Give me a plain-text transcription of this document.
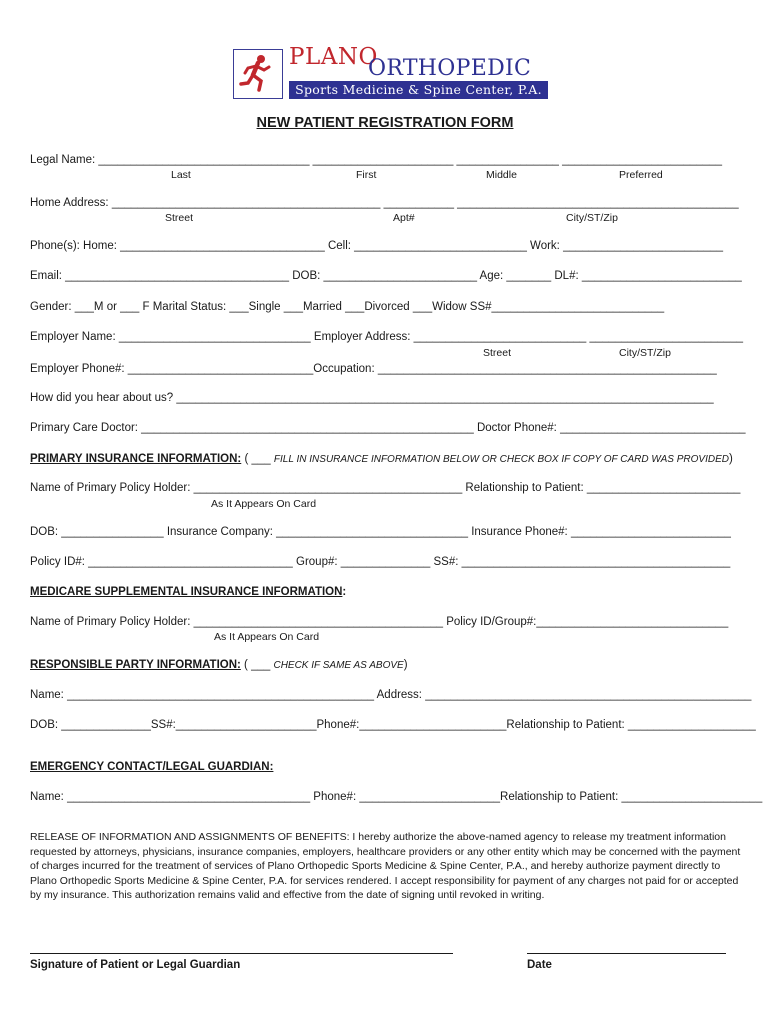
PLANO
ORTHOPEDIC
Sports Medicine & Spine Center, P.A.
NEW PATIENT REGISTRATION FORM
Legal Name: _________________________________ ______________________ ________________ _________________________
Last	First	Middle	Preferred
Home Address: __________________________________________ ___________ ____________________________________________
Street	Apt#	City/ST/Zip
Phone(s): Home: ________________________________ Cell: ___________________________ Work: _________________________
Email: ___________________________________ DOB: ________________________ Age: _______ DL#: _________________________
Gender: ___M or ___ F Marital Status: ___Single ___Married ___Divorced ___Widow SS#___________________________
Employer Name: ______________________________ Employer Address: ___________________________ ________________________
Street	City/ST/Zip
Employer Phone#: _____________________________Occupation: _____________________________________________________
How did you hear about us? ____________________________________________________________________________________
Primary Care Doctor: ____________________________________________________ Doctor Phone#: _____________________________
PRIMARY INSURANCE INFORMATION: ( ___ FILL IN INSURANCE INFORMATION BELOW OR CHECK BOX IF COPY OF CARD WAS PROVIDED)
Name of Primary Policy Holder: __________________________________________ Relationship to Patient: ________________________
As It Appears On Card
DOB: ________________ Insurance Company: ______________________________ Insurance Phone#: _________________________
Policy ID#: ________________________________ Group#: ______________ SS#: __________________________________________
MEDICARE SUPPLEMENTAL INSURANCE INFORMATION:
Name of Primary Policy Holder: _______________________________________ Policy ID/Group#:______________________________
As It Appears On Card
RESPONSIBLE PARTY INFORMATION: ( ___ CHECK IF SAME AS ABOVE)
Name: ________________________________________________ Address: ___________________________________________________
DOB: ______________SS#:______________________Phone#:_______________________Relationship to Patient: ____________________
EMERGENCY CONTACT/LEGAL GUARDIAN:
Name: ______________________________________ Phone#: ______________________Relationship to Patient: ______________________
RELEASE OF INFORMATION AND ASSIGNMENTS OF BENEFITS: I hereby authorize the above-named agency to release my treatment information requested by attorneys, physicians, insurance companies, employers, healthcare providers or any other entity which may be concerned with the payment of charges incurred for the treatment of services of Plano Orthopedic Sports Medicine & Spine Center, P.A., and hereby authorize payment directly to Plano Orthopedic Sports Medicine & Spine Center, P.A. for services rendered. I accept responsibility for payment of any charges not paid for or accepted by my insurance. This authorization remains valid and effective from the date of signing until revoked in writing.
Signature of Patient or Legal Guardian	Date
